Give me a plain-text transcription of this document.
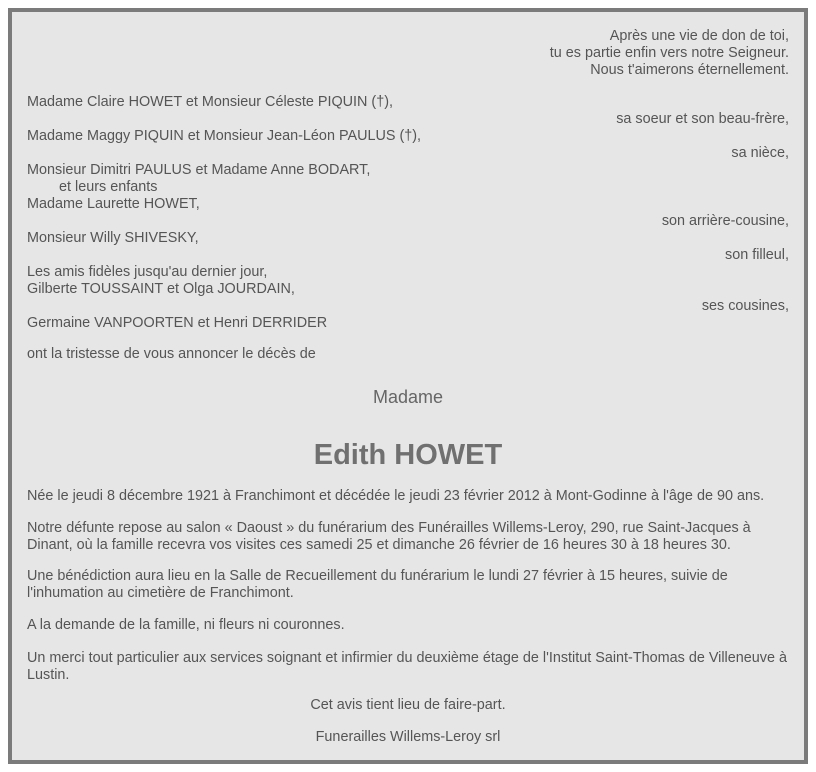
Après une vie de don de toi,
tu es partie enfin vers notre Seigneur.
Nous t'aimerons éternellement.
Madame Claire HOWET et Monsieur Céleste PIQUIN (†),
sa soeur et son beau-frère,
Madame Maggy PIQUIN et Monsieur Jean-Léon PAULUS (†),
sa nièce,
Monsieur Dimitri PAULUS et Madame Anne BODART,
et leurs enfants
Madame Laurette HOWET,
son arrière-cousine,
Monsieur Willy SHIVESKY,
son filleul,
Les amis fidèles jusqu'au dernier jour,
Gilberte TOUSSAINT et Olga JOURDAIN,
ses cousines,
Germaine VANPOORTEN et Henri DERRIDER
ont la tristesse de vous annoncer le décès de
Madame
Edith HOWET
Née le jeudi 8 décembre 1921 à Franchimont et décédée le jeudi 23 février 2012 à Mont-Godinne à l'âge de 90 ans.
Notre défunte repose au salon « Daoust » du funérarium des Funérailles Willems-Leroy, 290, rue Saint-Jacques à Dinant, où la famille recevra vos visites ces samedi 25 et dimanche 26 février de 16 heures 30 à 18 heures 30.
Une bénédiction aura lieu en la Salle de Recueillement du funérarium le lundi 27 février à 15 heures, suivie de l'inhumation au cimetière de Franchimont.
A la demande de la famille, ni fleurs ni couronnes.
Un merci tout particulier aux services soignant et infirmier du deuxième étage de l'Institut Saint-Thomas de Villeneuve à Lustin.
Cet avis tient lieu de faire-part.
Funerailles Willems-Leroy srl
